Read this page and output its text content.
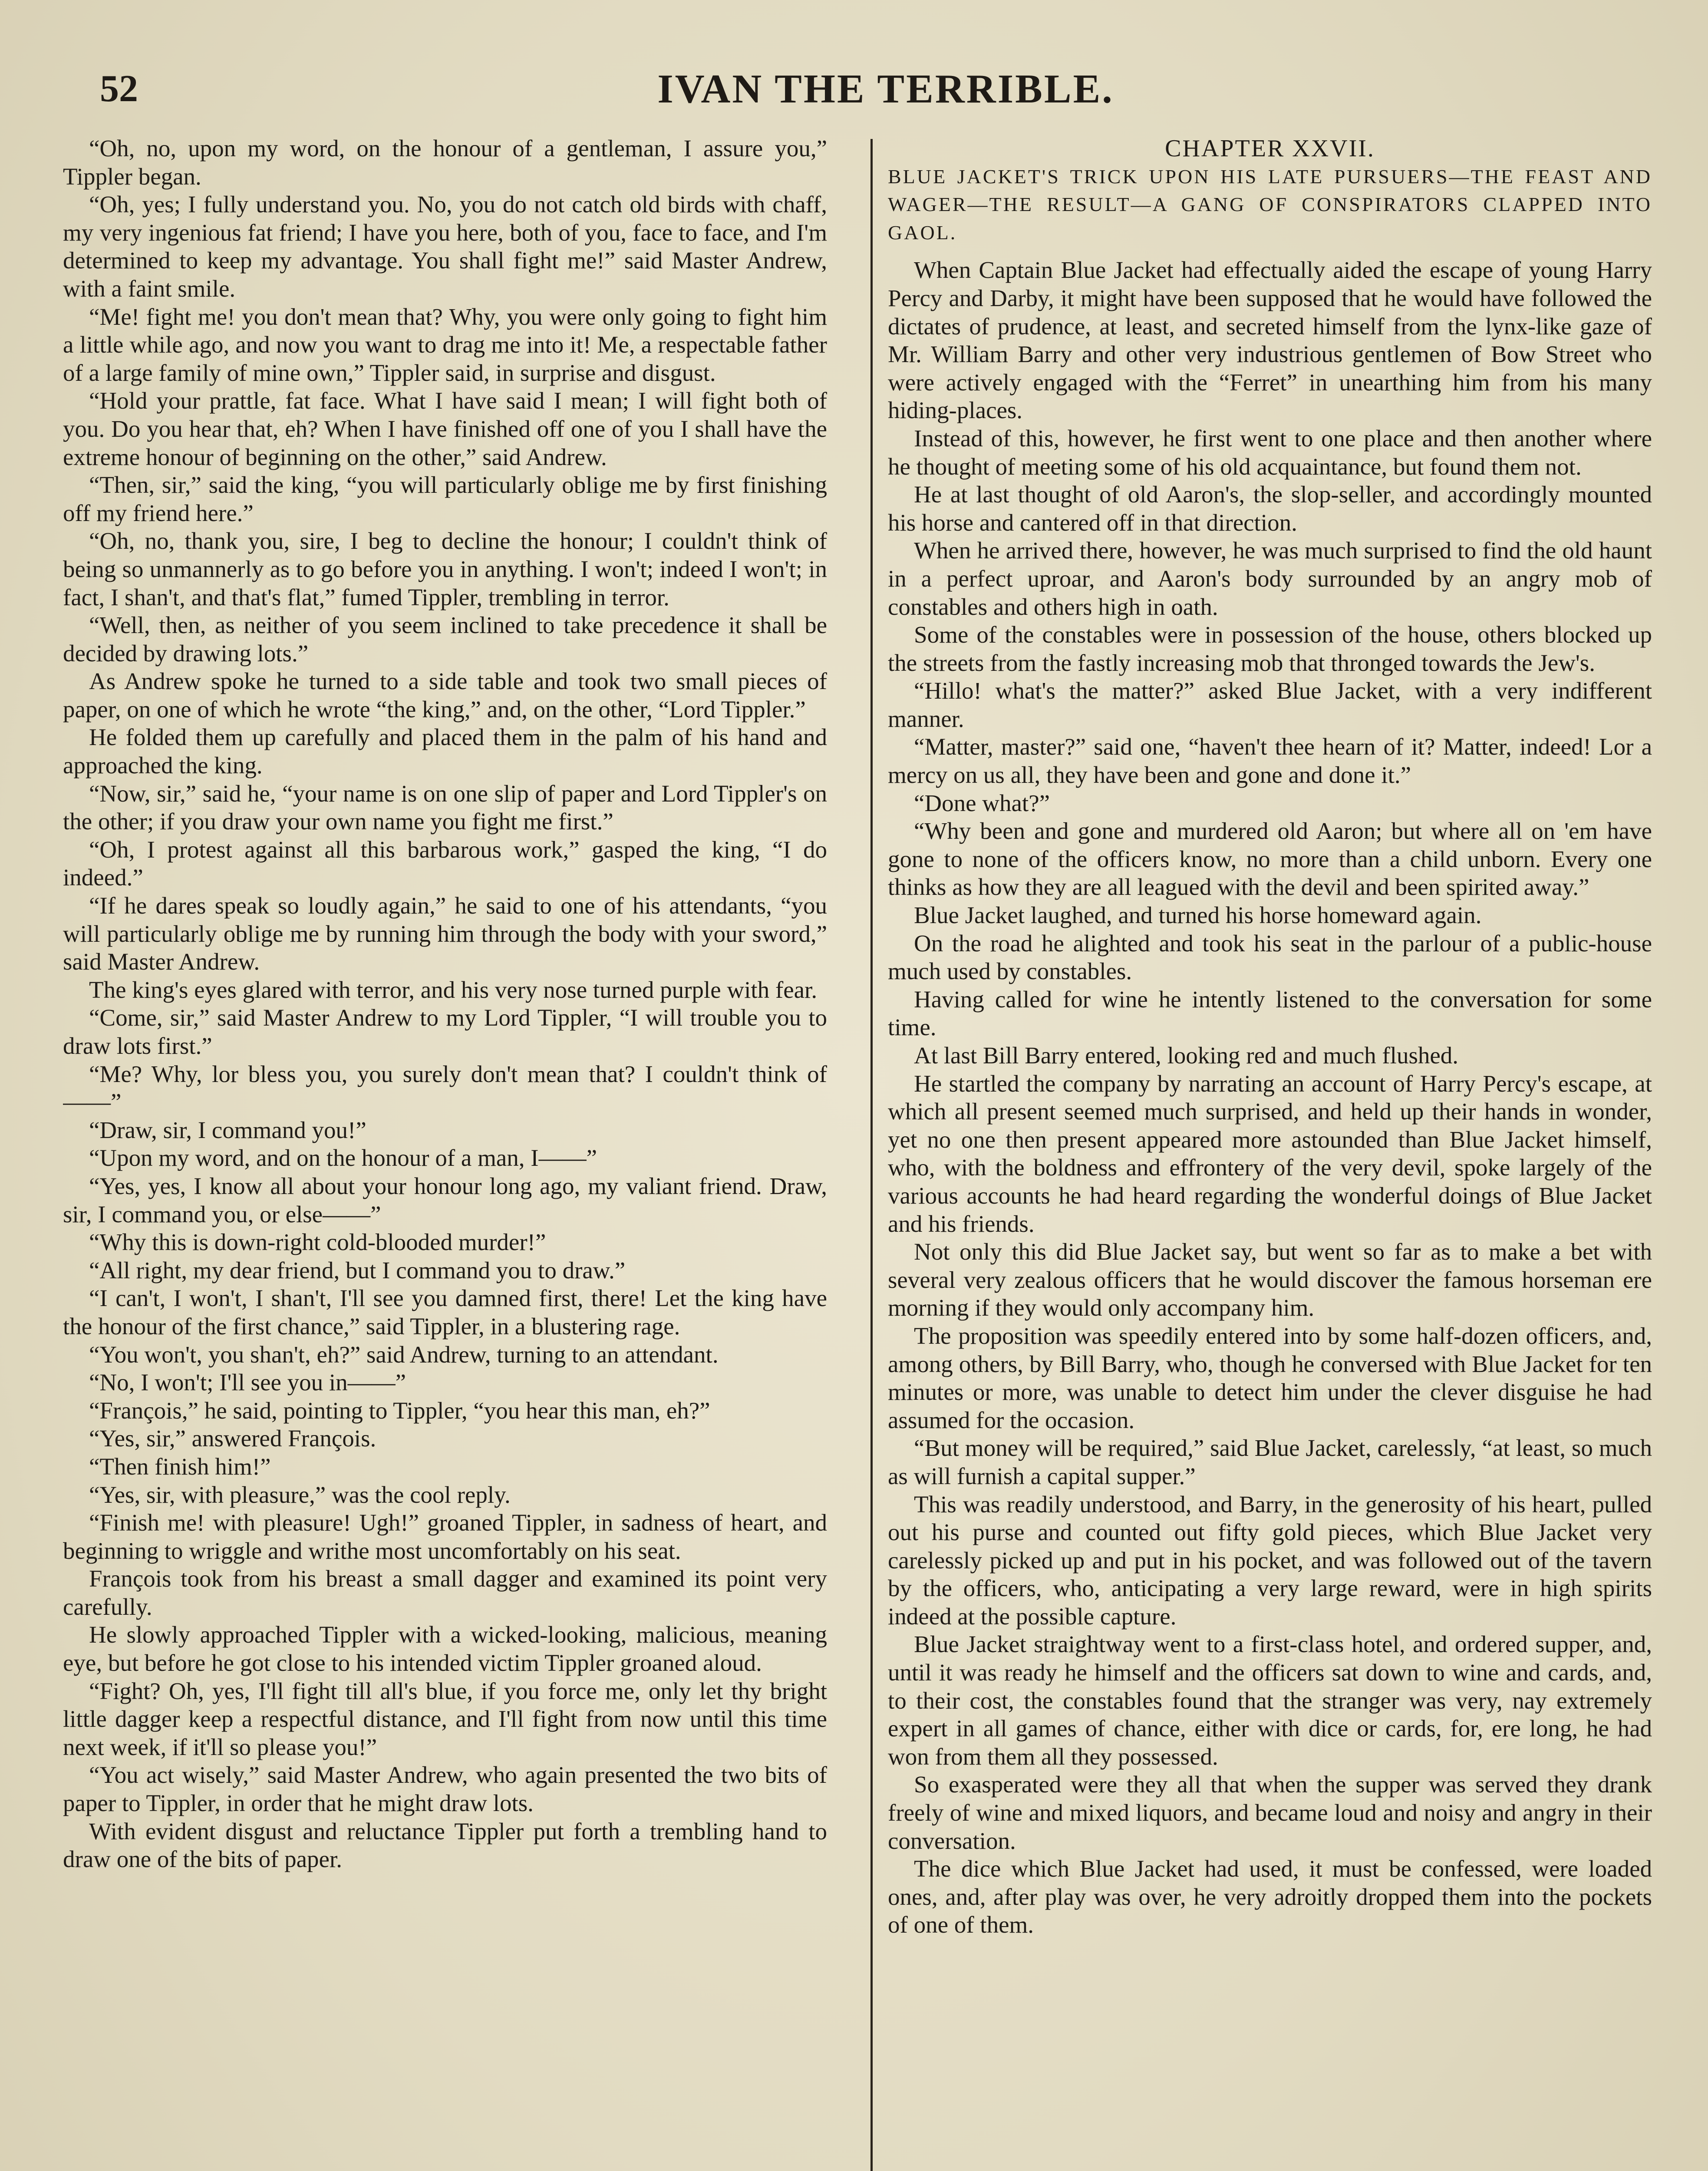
52	IVAN THE TERRIBLE.

“Oh, no, upon my word, on the honour of a gentleman, I assure you,” Tippler began.

“Oh, yes; I fully understand you. No, you do not catch old birds with chaff, my very ingenious fat friend; I have you here, both of you, face to face, and I'm determined to keep my advantage. You shall fight me!” said Master Andrew, with a faint smile.

“Me! fight me! you don't mean that? Why, you were only going to fight him a little while ago, and now you want to drag me into it! Me, a respectable father of a large family of mine own,” Tippler said, in surprise and disgust.

“Hold your prattle, fat face. What I have said I mean; I will fight both of you. Do you hear that, eh? When I have finished off one of you I shall have the extreme honour of beginning on the other,” said Andrew.

“Then, sir,” said the king, “you will particularly oblige me by first finishing off my friend here.”

“Oh, no, thank you, sire, I beg to decline the honour; I couldn't think of being so unmannerly as to go before you in anything. I won't; indeed I won't; in fact, I shan't, and that's flat,” fumed Tippler, trembling in terror.

“Well, then, as neither of you seem inclined to take precedence it shall be decided by drawing lots.”

As Andrew spoke he turned to a side table and took two small pieces of paper, on one of which he wrote “the king,” and, on the other, “Lord Tippler.”

He folded them up carefully and placed them in the palm of his hand and approached the king.

“Now, sir,” said he, “your name is on one slip of paper and Lord Tippler's on the other; if you draw your own name you fight me first.”

“Oh, I protest against all this barbarous work,” gasped the king, “I do indeed.”

“If he dares speak so loudly again,” he said to one of his attendants, “you will particularly oblige me by running him through the body with your sword,” said Master Andrew.

The king's eyes glared with terror, and his very nose turned purple with fear.

“Come, sir,” said Master Andrew to my Lord Tippler, “I will trouble you to draw lots first.”

“Me? Why, lor bless you, you surely don't mean that? I couldn't think of——”

“Draw, sir, I command you!”

“Upon my word, and on the honour of a man, I——”

“Yes, yes, I know all about your honour long ago, my valiant friend. Draw, sir, I command you, or else——”

“Why this is down-right cold-blooded murder!”

“All right, my dear friend, but I command you to draw.”

“I can't, I won't, I shan't, I'll see you damned first, there! Let the king have the honour of the first chance,” said Tippler, in a blustering rage.

“You won't, you shan't, eh?” said Andrew, turning to an attendant.

“No, I won't; I'll see you in——”

“François,” he said, pointing to Tippler, “you hear this man, eh?”

“Yes, sir,” answered François.

“Then finish him!”

“Yes, sir, with pleasure,” was the cool reply.

“Finish me! with pleasure! Ugh!” groaned Tippler, in sadness of heart, and beginning to wriggle and writhe most uncomfortably on his seat.

François took from his breast a small dagger and examined its point very carefully.

He slowly approached Tippler with a wicked-looking, malicious, meaning eye, but before he got close to his intended victim Tippler groaned aloud.

“Fight? Oh, yes, I'll fight till all's blue, if you force me, only let thy bright little dagger keep a respectful distance, and I'll fight from now until this time next week, if it'll so please you!”

“You act wisely,” said Master Andrew, who again presented the two bits of paper to Tippler, in order that he might draw lots.

With evident disgust and reluctance Tippler put forth a trembling hand to draw one of the bits of paper.

CHAPTER XXVII.

BLUE JACKET'S TRICK UPON HIS LATE PURSUERS—THE FEAST AND WAGER—THE RESULT—A GANG OF CONSPIRATORS CLAPPED INTO GAOL.

When Captain Blue Jacket had effectually aided the escape of young Harry Percy and Darby, it might have been supposed that he would have followed the dictates of prudence, at least, and secreted himself from the lynx-like gaze of Mr. William Barry and other very industrious gentlemen of Bow Street who were actively engaged with the “Ferret” in unearthing him from his many hiding-places.

Instead of this, however, he first went to one place and then another where he thought of meeting some of his old acquaintance, but found them not.

He at last thought of old Aaron's, the slop-seller, and accordingly mounted his horse and cantered off in that direction.

When he arrived there, however, he was much surprised to find the old haunt in a perfect uproar, and Aaron's body surrounded by an angry mob of constables and others high in oath.

Some of the constables were in possession of the house, others blocked up the streets from the fastly increasing mob that thronged towards the Jew's.

“Hillo! what's the matter?” asked Blue Jacket, with a very indifferent manner.

“Matter, master?” said one, “haven't thee hearn of it? Matter, indeed! Lor a mercy on us all, they have been and gone and done it.”

“Done what?”

“Why been and gone and murdered old Aaron; but where all on 'em have gone to none of the officers know, no more than a child unborn. Every one thinks as how they are all leagued with the devil and been spirited away.”

Blue Jacket laughed, and turned his horse homeward again.

On the road he alighted and took his seat in the parlour of a public-house much used by constables.

Having called for wine he intently listened to the conversation for some time.

At last Bill Barry entered, looking red and much flushed.

He startled the company by narrating an account of Harry Percy's escape, at which all present seemed much surprised, and held up their hands in wonder, yet no one then present appeared more astounded than Blue Jacket himself, who, with the boldness and effrontery of the very devil, spoke largely of the various accounts he had heard regarding the wonderful doings of Blue Jacket and his friends.

Not only this did Blue Jacket say, but went so far as to make a bet with several very zealous officers that he would discover the famous horseman ere morning if they would only accompany him.

The proposition was speedily entered into by some half-dozen officers, and, among others, by Bill Barry, who, though he conversed with Blue Jacket for ten minutes or more, was unable to detect him under the clever disguise he had assumed for the occasion.

“But money will be required,” said Blue Jacket, carelessly, “at least, so much as will furnish a capital supper.”

This was readily understood, and Barry, in the generosity of his heart, pulled out his purse and counted out fifty gold pieces, which Blue Jacket very carelessly picked up and put in his pocket, and was followed out of the tavern by the officers, who, anticipating a very large reward, were in high spirits indeed at the possible capture.

Blue Jacket straightway went to a first-class hotel, and ordered supper, and, until it was ready he himself and the officers sat down to wine and cards, and, to their cost, the constables found that the stranger was very, nay extremely expert in all games of chance, either with dice or cards, for, ere long, he had won from them all they possessed.

So exasperated were they all that when the supper was served they drank freely of wine and mixed liquors, and became loud and noisy and angry in their conversation.

The dice which Blue Jacket had used, it must be confessed, were loaded ones, and, after play was over, he very adroitly dropped them into the pockets of one of them.
